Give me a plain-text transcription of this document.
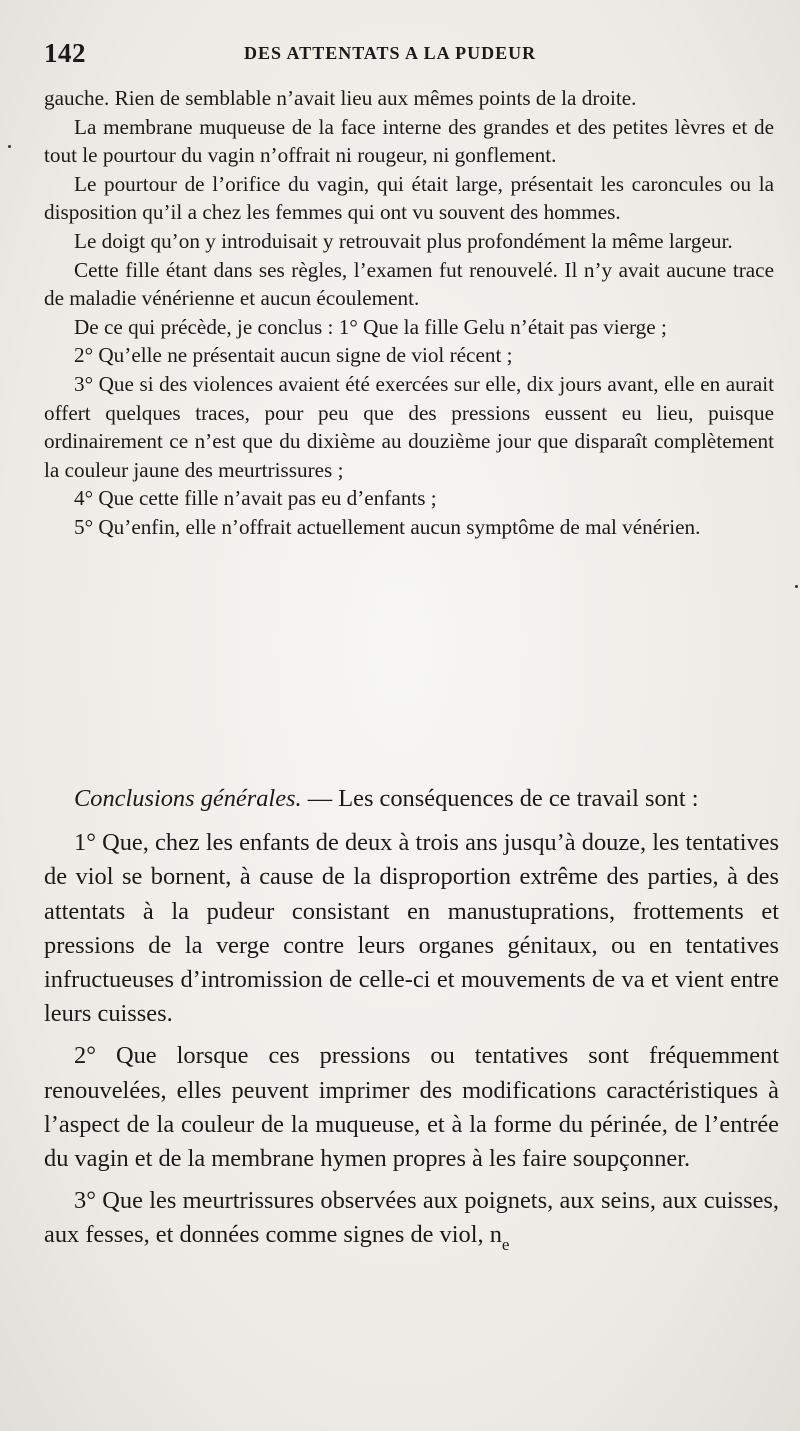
142	DES ATTENTATS A LA PUDEUR

gauche. Rien de semblable n’avait lieu aux mêmes points de la droite.

La membrane muqueuse de la face interne des grandes et des petites lèvres et de tout le pourtour du vagin n’offrait ni rougeur, ni gonflement.

Le pourtour de l’orifice du vagin, qui était large, présentait les caroncules ou la disposition qu’il a chez les femmes qui ont vu souvent des hommes.

Le doigt qu’on y introduisait y retrouvait plus profondément la même largeur.

Cette fille étant dans ses règles, l’examen fut renouvelé. Il n’y avait aucune trace de maladie vénérienne et aucun écoulement.

De ce qui précède, je conclus : 1° Que la fille Gelu n’était pas vierge ;

2° Qu’elle ne présentait aucun signe de viol récent ;

3° Que si des violences avaient été exercées sur elle, dix jours avant, elle en aurait offert quelques traces, pour peu que des pressions eussent eu lieu, puisque ordinairement ce n’est que du dixième au douzième jour que disparaît complètement la couleur jaune des meurtrissures ;

4° Que cette fille n’avait pas eu d’enfants ;

5° Qu’enfin, elle n’offrait actuellement aucun symptôme de mal vénérien.

Conclusions générales. — Les conséquences de ce travail sont :

1° Que, chez les enfants de deux à trois ans jusqu’à douze, les tentatives de viol se bornent, à cause de la disproportion extrême des parties, à des attentats à la pudeur consistant en manustuprations, frottements et pressions de la verge contre leurs organes génitaux, ou en tentatives infructueuses d’intromission de celle-ci et mouvements de va et vient entre leurs cuisses.

2° Que lorsque ces pressions ou tentatives sont fréquemment renouvelées, elles peuvent imprimer des modifications caractéristiques à l’aspect de la couleur de la muqueuse, et à la forme du périnée, de l’entrée du vagin et de la membrane hymen propres à les faire soupçonner.

3° Que les meurtrissures observées aux poignets, aux seins, aux cuisses, aux fesses, et données comme signes de viol, $n_e$
